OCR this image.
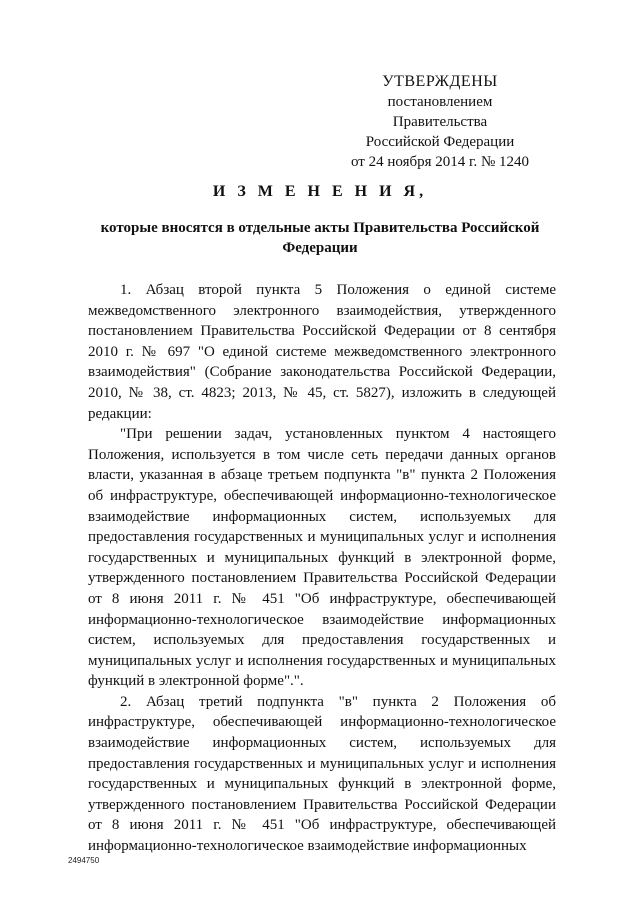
УТВЕРЖДЕНЫ
постановлением Правительства
Российской Федерации
от 24 ноября 2014 г. № 1240
И З М Е Н Е Н И Я,
которые вносятся в отдельные акты Правительства Российской Федерации

1. Абзац второй пункта 5 Положения о единой системе межведомственного электронного взаимодействия, утвержденного постановлением Правительства Российской Федерации от 8 сентября 2010 г. № 697 "О единой системе межведомственного электронного взаимодействия" (Собрание законодательства Российской Федерации, 2010, № 38, ст. 4823; 2013, № 45, ст. 5827), изложить в следующей редакции:

"При решении задач, установленных пунктом 4 настоящего Положения, используется в том числе сеть передачи данных органов власти, указанная в абзаце третьем подпункта "в" пункта 2 Положения об инфраструктуре, обеспечивающей информационно-технологическое взаимодействие информационных систем, используемых для предоставления государственных и муниципальных услуг и исполнения государственных и муниципальных функций в электронной форме, утвержденного постановлением Правительства Российской Федерации от 8 июня 2011 г. № 451 "Об инфраструктуре, обеспечивающей информационно-технологическое взаимодействие информационных систем, используемых для предоставления государственных и муниципальных услуг и исполнения государственных и муниципальных функций в электронной форме".".

2. Абзац третий подпункта "в" пункта 2 Положения об инфраструктуре, обеспечивающей информационно-технологическое взаимодействие информационных систем, используемых для предоставления государственных и муниципальных услуг и исполнения государственных и муниципальных функций в электронной форме, утвержденного постановлением Правительства Российской Федерации от 8 июня 2011 г. № 451 "Об инфраструктуре, обеспечивающей информационно-технологическое взаимодействие информационных

2494750
